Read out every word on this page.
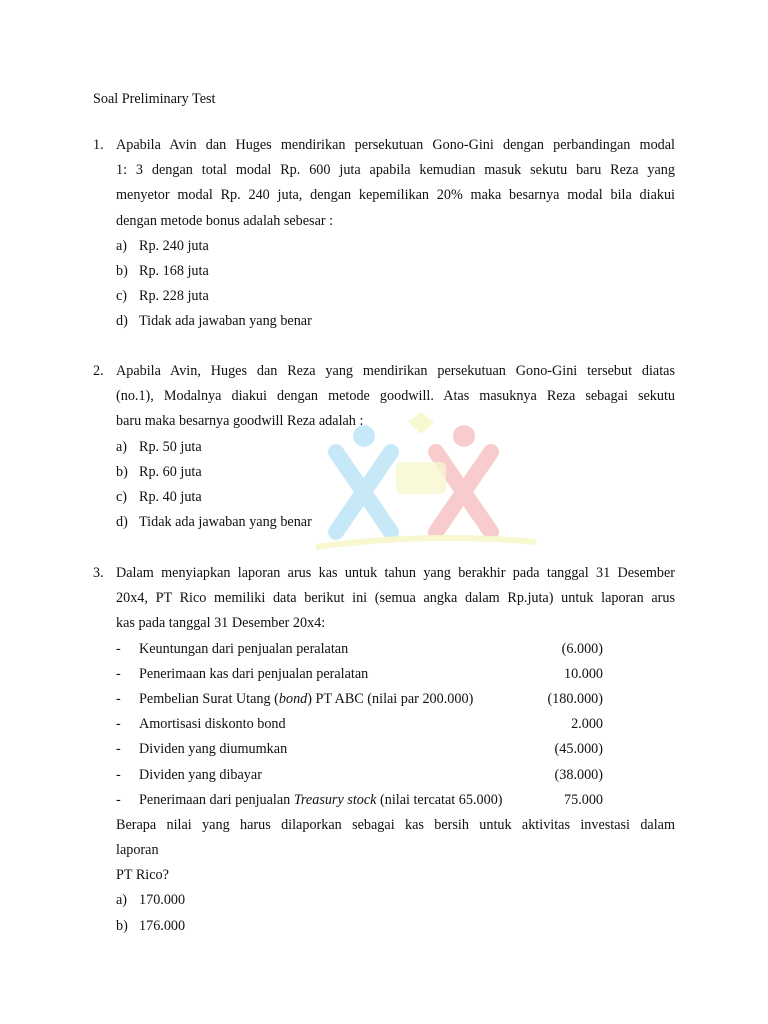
Soal Preliminary Test
1. Apabila Avin dan Huges mendirikan persekutuan Gono-Gini dengan perbandingan modal
1: 3 dengan total modal Rp. 600 juta apabila kemudian masuk sekutu baru Reza yang
menyetor modal Rp. 240 juta, dengan kepemilikan 20% maka besarnya modal bila diakui
dengan metode bonus adalah sebesar :
a) Rp. 240 juta
b) Rp. 168 juta
c) Rp. 228 juta
d) Tidak ada jawaban yang benar
2. Apabila Avin, Huges dan Reza yang mendirikan persekutuan Gono-Gini tersebut diatas
(no.1), Modalnya diakui dengan metode goodwill. Atas masuknya Reza sebagai sekutu
baru maka besarnya goodwill Reza adalah :
a) Rp. 50 juta
b) Rp. 60 juta
c) Rp. 40 juta
d) Tidak ada jawaban yang benar
3. Dalam menyiapkan laporan arus kas untuk tahun yang berakhir pada tanggal 31 Desember
20x4, PT Rico memiliki data berikut ini (semua angka dalam Rp.juta) untuk laporan arus
kas pada tanggal 31 Desember 20x4:
-	Keuntungan dari penjualan peralatan	(6.000)
-	Penerimaan kas dari penjualan peralatan	10.000
-	Pembelian Surat Utang (bond) PT ABC (nilai par 200.000)	(180.000)
-	Amortisasi diskonto bond	2.000
-	Dividen yang diumumkan	(45.000)
-	Dividen yang dibayar	(38.000)
-	Penerimaan dari penjualan Treasury stock (nilai tercatat 65.000)	75.000
Berapa nilai yang harus dilaporkan sebagai kas bersih untuk aktivitas investasi dalam
laporan
PT Rico?
a) 170.000
b) 176.000
